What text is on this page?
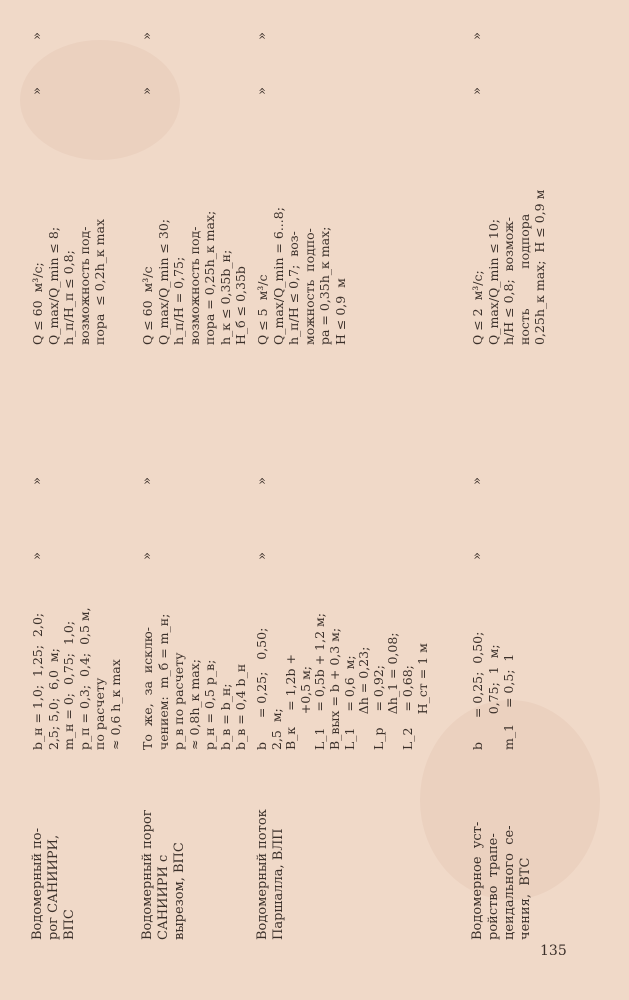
Водомерный по- рог САНИИРИ, ВПС
b_н = 1,0;  1,25;  2,0; 2,5; 5,0;  6,0  м; m_н = 0;  0,75;  1,0; p_п = 0,3;  0,4;  0,5 м, по расчету ≈ 0,6 h_к max
»
»
Q ≤ 60  м³/с; Q_max/Q_min ≤ 8; h_п/H_п ≤ 0,8; возможность под- пора  ≤ 0,2h_к max
»
»
Водомерный порог САНИИРИ с вырезом, ВПС
То  же,  за  исклю- чением:  m_б = m_н; p_в по расчету ≈ 0,8h_к max; p_н = 0,5 p_в; b_в = b_н; b_в = 0,4 b_н
»
»
Q ≤ 60  м³/с Q_max/Q_min ≤ 30; h_п/H = 0,75; возможность под- пора = 0,25h_к max; h_к ≤ 0,35b_н; H_б ≤ 0,35b
»
»
Водомерный поток Паршалла, ВЛП
b      = 0,25;   0,50; 2,5  м; B_к    = 1,2b + +0,5 м; L_1    = 0,5b + 1,2 м; B_вых = b + 0,3 м; L_1    = 0,6  м; Δh = 0,23; L_р    = 0,92; Δh_1 = 0,08; L_2    = 0,68; H_ст = 1 м
»
»
Q ≤ 5  м³/с Q_max/Q_min = 6...8; h_п/H ≤ 0,7;  воз- можность  подпо- ра = 0,35h_к max; H ≤ 0,9  м
»
»
Водомерное  уст- ройство  трапе- цеидального  се- чения,  ВТС
b      = 0,25;  0,50; 0,75;  1  м; m_1    = 0,5;  1
»
»
Q ≤ 2  м³/с; Q_max/Q_min ≤ 10; h/H ≤ 0,8;  возмож- ность          подпора 0,25h_к max;  H ≤ 0,9 м
»
»
135
